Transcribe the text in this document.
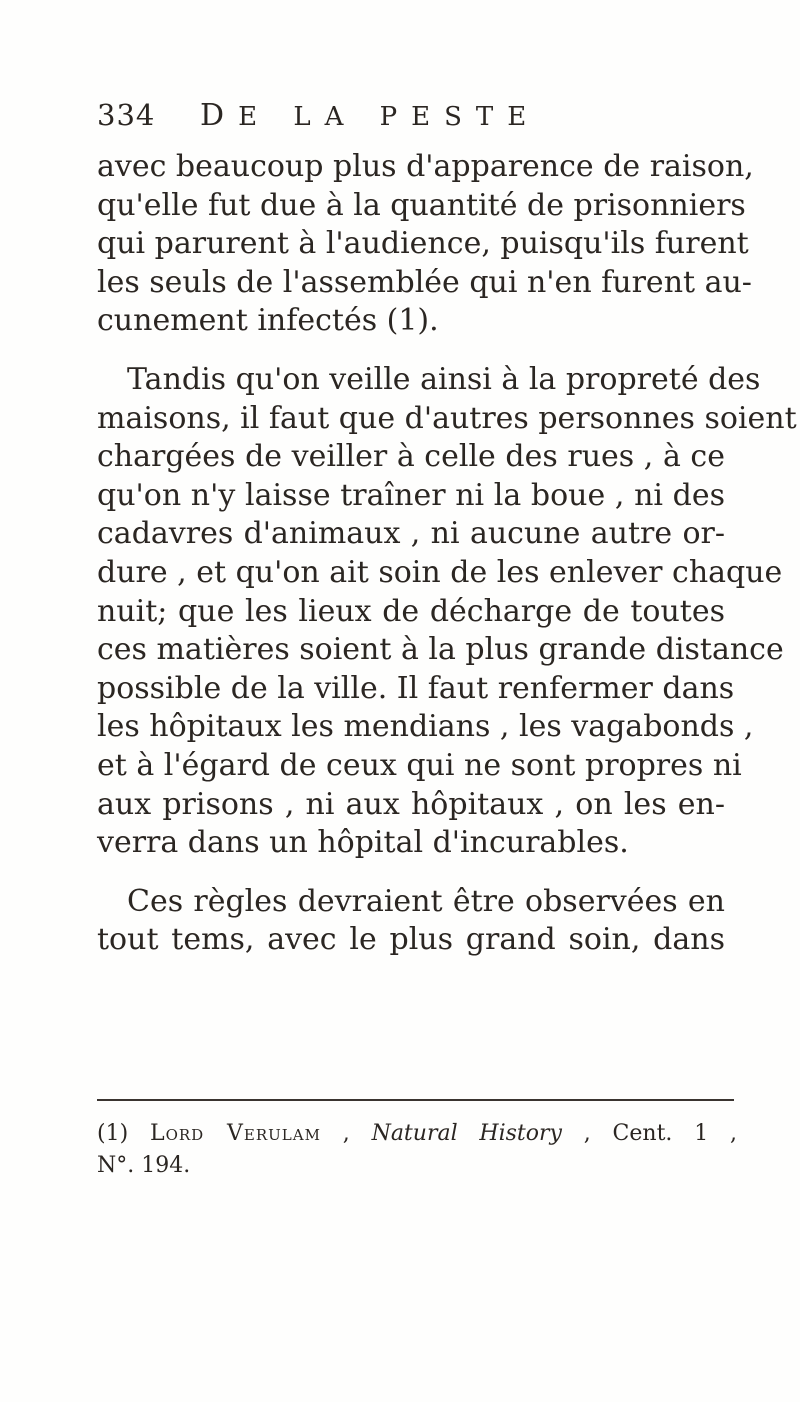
334 DE LA PESTE
avec beaucoup plus d'apparence de raison,
qu'elle fut due à la quantité de prisonniers
qui parurent à l'audience, puisqu'ils furent
les seuls de l'assemblée qui n'en furent au-
cunement infectés (1).
Tandis qu'on veille ainsi à la propreté des
maisons, il faut que d'autres personnes soient
chargées de veiller à celle des rues , à ce
qu'on n'y laisse traîner ni la boue , ni des
cadavres d'animaux , ni aucune autre or-
dure , et qu'on ait soin de les enlever chaque
nuit; que les lieux de décharge de toutes
ces matières soient à la plus grande distance
possible de la ville. Il faut renfermer dans
les hôpitaux les mendians , les vagabonds ,
et à l'égard de ceux qui ne sont propres ni
aux prisons , ni aux hôpitaux , on les en-
verra dans un hôpital d'incurables.
Ces règles devraient être observées en
tout tems, avec le plus grand soin, dans
(1) Lord Verulam , Natural History , Cent. 1 ,
N°. 194.
